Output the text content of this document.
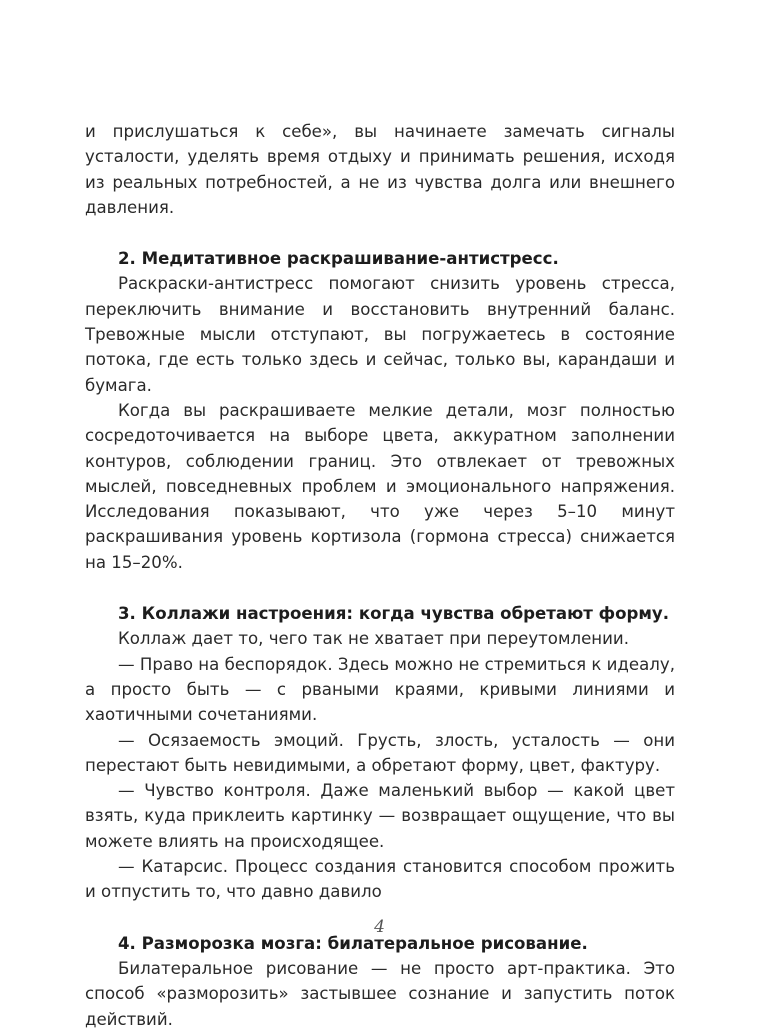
и прислушаться к себе», вы начинаете замечать сигналы усталости, уделять время отдыху и принимать решения, исходя из реальных потребностей, а не из чувства долга или внешнего давления.

2. Медитативное раскрашивание-антистресс.

Раскраски-антистресс помогают снизить уровень стресса, переключить внимание и восстановить внутренний баланс. Тревожные мысли отступают, вы погружаетесь в состояние потока, где есть только здесь и сейчас, только вы, карандаши и бумага.

Когда вы раскрашиваете мелкие детали, мозг полностью сосредоточивается на выборе цвета, аккуратном заполнении контуров, соблюдении границ. Это отвлекает от тревожных мыслей, повседневных проблем и эмоционального напряжения. Исследования показывают, что уже через 5–10 минут раскрашивания уровень кортизола (гормона стресса) снижается на 15–20%.

3. Коллажи настроения: когда чувства обретают форму.

Коллаж дает то, чего так не хватает при переутомлении.

— Право на беспорядок. Здесь можно не стремиться к идеалу, а просто быть — с рваными краями, кривыми линиями и хаотичными сочетаниями.

— Осязаемость эмоций. Грусть, злость, усталость — они перестают быть невидимыми, а обретают форму, цвет, фактуру.

— Чувство контроля. Даже маленький выбор — какой цвет взять, куда приклеить картинку — возвращает ощущение, что вы можете влиять на происходящее.

— Катарсис. Процесс создания становится способом прожить и отпустить то, что давно давило

4. Разморозка мозга: билатеральное рисование.

Билатеральное рисование — не просто арт-практика. Это способ «разморозить» застывшее сознание и запустить поток действий.

4
